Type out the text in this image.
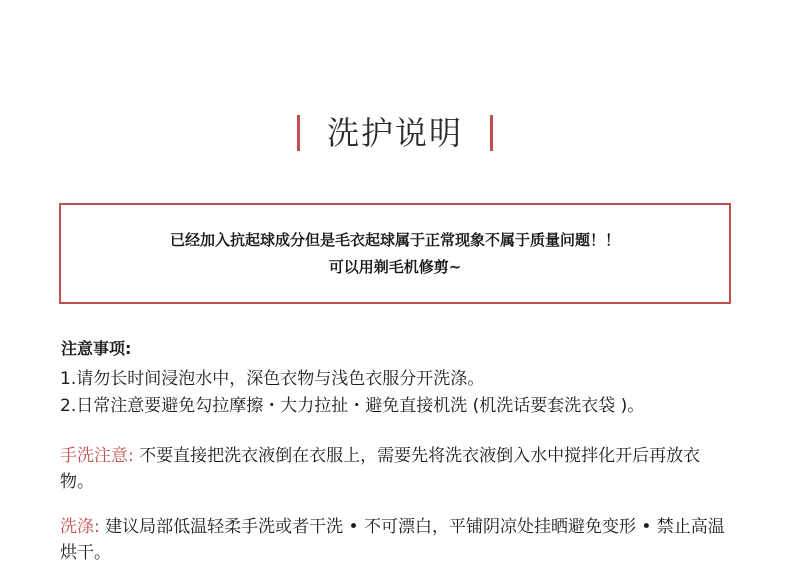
洗护说明
已经加入抗起球成分但是毛衣起球属于正常现象不属于质量问题！！
可以用剃毛机修剪~
注意事项:
1.请勿长时间浸泡水中，深色衣物与浅色衣服分开洗涤。
2.日常注意要避免勾拉摩擦・大力拉扯・避免直接机洗 (机洗话要套洗衣袋 )。
手洗注意: 不要直接把洗衣液倒在衣服上，需要先将洗衣液倒入水中搅拌化开后再放衣物。
洗涤: 建议局部低温轻柔手洗或者干洗 • 不可漂白，平铺阴凉处挂晒避免变形 • 禁止高温烘干。
